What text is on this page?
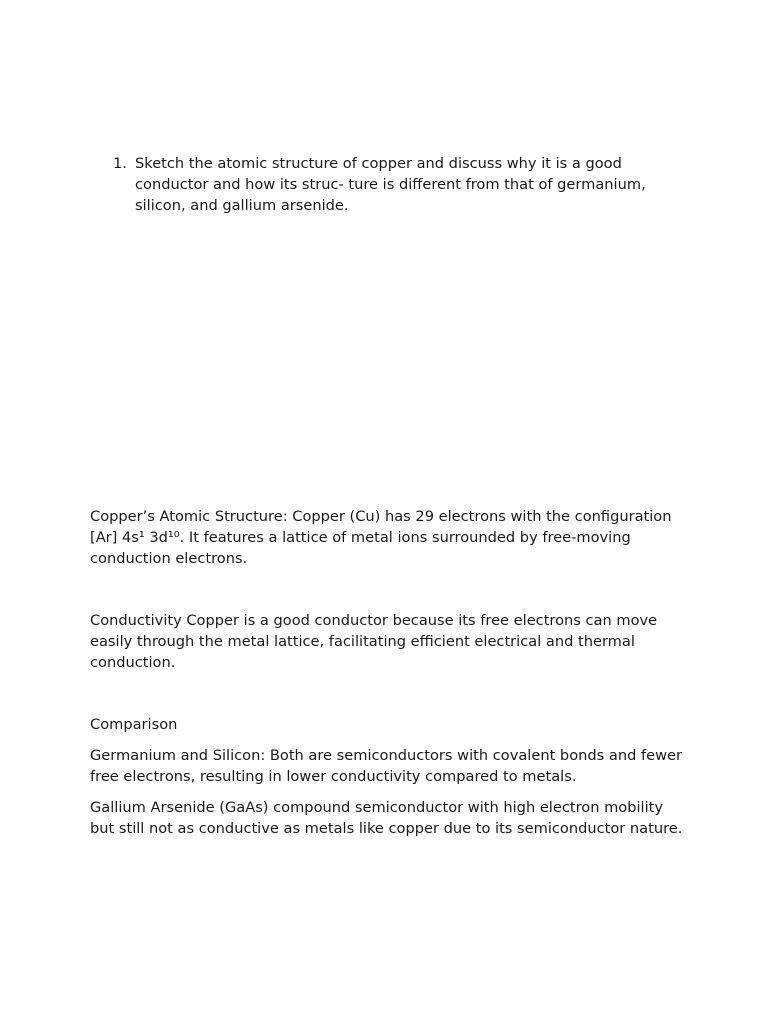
1. Sketch the atomic structure of copper and discuss why it is a good conductor and how its struc- ture is different from that of germanium, silicon, and gallium arsenide.

Copper’s Atomic Structure: Copper (Cu) has 29 electrons with the configuration [Ar] 4s¹ 3d¹⁰. It features a lattice of metal ions surrounded by free-moving conduction electrons.

Conductivity Copper is a good conductor because its free electrons can move easily through the metal lattice, facilitating efficient electrical and thermal conduction.

Comparison

Germanium and Silicon: Both are semiconductors with covalent bonds and fewer free electrons, resulting in lower conductivity compared to metals.

Gallium Arsenide (GaAs) compound semiconductor with high electron mobility but still not as conductive as metals like copper due to its semiconductor nature.
